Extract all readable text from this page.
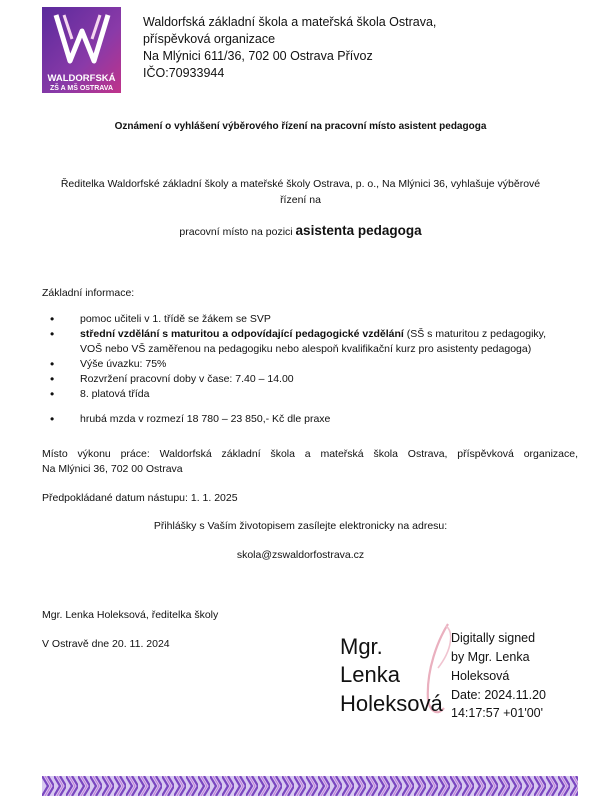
WALDORFSKÁ
ZŠ A MŠ OSTRAVA
Waldorfská základní škola a mateřská škola Ostrava,
příspěvková organizace
Na Mlýnici 611/36, 702 00 Ostrava Přívoz
IČO:70933944
Oznámení o vyhlášení výběrového řízení na pracovní místo asistent pedagoga
Ředitelka Waldorfské základní školy a mateřské školy Ostrava, p. o., Na Mlýnici 36, vyhlašuje výběrové
řízení na
pracovní místo na pozici asistenta pedagoga
Základní informace:
• pomoc učiteli v 1. třídě se žákem se SVP
• střední vzdělání s maturitou a odpovídající pedagogické vzdělání (SŠ s maturitou z pedagogiky,
VOŠ nebo VŠ zaměřenou na pedagogiku nebo alespoň kvalifikační kurz pro asistenty pedagoga)
• Výše úvazku: 75%
• Rozvržení pracovní doby v čase: 7.40 – 14.00
• 8. platová třída
• hrubá mzda v rozmezí 18 780 – 23 850,- Kč dle praxe
Místo výkonu práce: Waldorfská základní škola a mateřská škola Ostrava, příspěvková organizace,
Na Mlýnici 36, 702 00 Ostrava
Předpokládané datum nástupu: 1. 1. 2025
Přihlášky s Vaším životopisem zasílejte elektronicky na adresu:
skola@zswaldorfostrava.cz
Mgr. Lenka Holeksová, ředitelka školy
V Ostravě dne 20. 11. 2024	Mgr.
Lenka
Holeksová
Digitally signed
by Mgr. Lenka
Holeksová
Date: 2024.11.20
14:17:57 +01'00'
